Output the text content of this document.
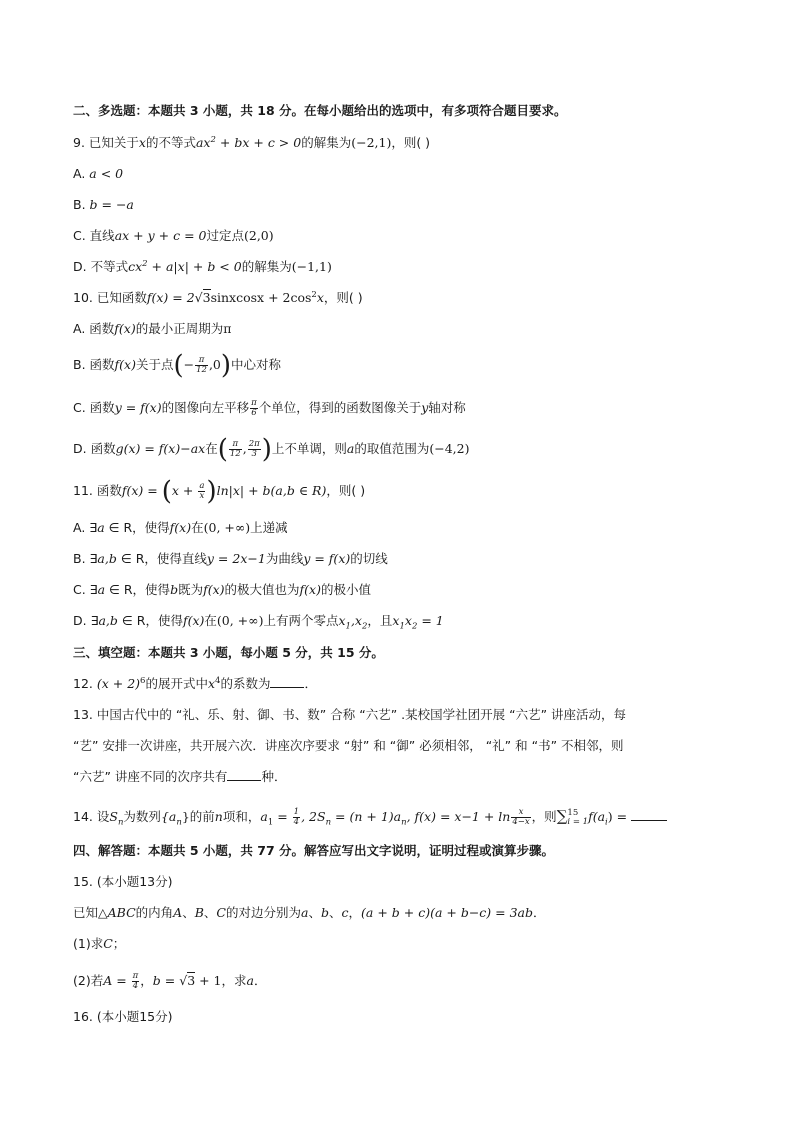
二、多选题：本题共 3 小题，共 18 分。在每小题给出的选项中，有多项符合题目要求。
9. 已知关于x的不等式$ax^2$ + bx + c > 0的解集为(−2,1)，则( )
A. a < 0
B. b = −a
C. 直线ax + y + c = 0过定点(2,0)
D. 不等式$cx^2 + a|x| + b < 0$的解集为(−1,1)
10. 已知函数f(x) = 2√3sinxcosx + $2\cos^2x$，则( )
A. 函数f(x)的最小正周期为π
B. 函数f(x)关于点(− $\frac{\pi}{12} ,0$)中心对称
C. 函数y = f(x)的图像向左平移 $\frac{\pi}{6}$ 个单位，得到的函数图像关于y轴对称
D. 函数g(x) = f(x)−ax在( $\frac{\pi}{12}$ , $\frac{2\pi}{3}$ )上不单调，则a的取值范围为(−4,2)
11. 函数$f(x) = (x + \frac{a}{x} )\ln|x| + b(a,b$ ∈ R)，则( )
A. ∃a ∈ R，使得f(x)在(0, +∞)上递减
B. ∃a,b ∈ R，使得直线y = 2x−1为曲线y = f(x)的切线
C. ∃a ∈ R，使得b既为f(x)的极大值也为f(x)的极小值
D. ∃a,b ∈ R，使得f(x)在(0, +∞)上有两个零点$x_1,x_2$，且$x_1x_2 = 1$
三、填空题：本题共 3 小题，每小题 5 分，共 15 分。
12. $(x + 2)^6$的展开式中$x^4$的系数为	．
13. 中国古代中的 “礼、乐、射、御、书、数” 合称 “六艺” .某校国学社团开展 “六艺” 讲座活动，每
“艺” 安排一次讲座，共开展六次．讲座次序要求 “射” 和 “御” 必须相邻， “礼” 和 “书” 不相邻，则
“六艺” 讲座不同的次序共有	种．
14. 设$S_n$为数列$\{a_n\}$的前n项和，$a_1 = \frac{1}{4}$ , $2S_n = (n + 1)a_n$, $f(x) = x-1 + \ln \frac{x}{4-x}$ ，则∑ 15
i = 1 $f(a_i)$ =
四、解答题：本题共 5 小题，共 77 分。解答应写出文字说明，证明过程或演算步骤。
15. (本小题13分)
已知△ABC的内角A、B、C的对边分别为a、b、c，(a + b + c)(a + b−c) = 3ab．
(1)求C；
(2)若$A = \frac{\pi}{4}$ ，b = √3 + 1，求a．
16. (本小题15分)
